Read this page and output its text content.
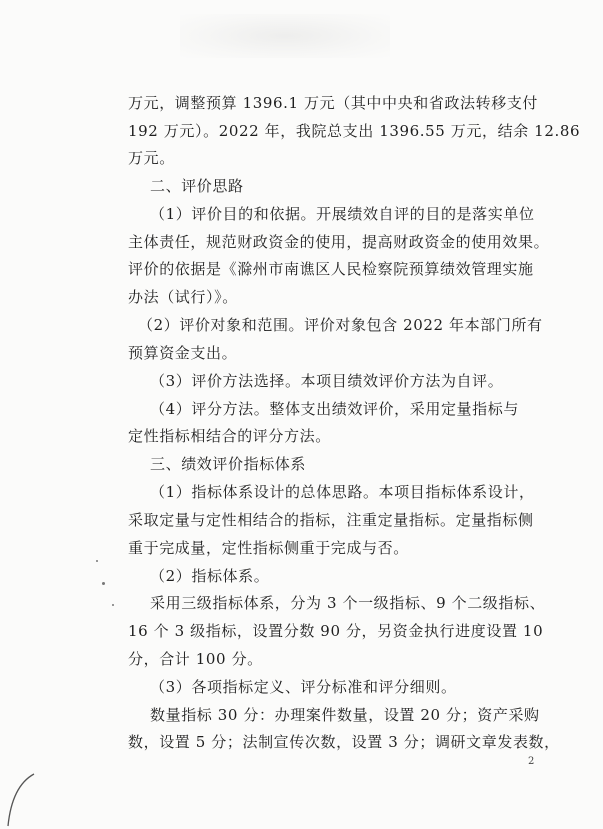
万元，调整预算 1396.1 万元（其中中央和省政法转移支付
192 万元）。2022 年，我院总支出 1396.55 万元，结余 12.86
万元。
二、评价思路
（1）评价目的和依据。开展绩效自评的目的是落实单位
主体责任，规范财政资金的使用，提高财政资金的使用效果。
评价的依据是《滁州市南谯区人民检察院预算绩效管理实施
办法（试行）》。
（2）评价对象和范围。评价对象包含 2022 年本部门所有
预算资金支出。
（3）评价方法选择。本项目绩效评价方法为自评。
（4）评分方法。整体支出绩效评价，采用定量指标与
定性指标相结合的评分方法。
三、绩效评价指标体系
（1）指标体系设计的总体思路。本项目指标体系设计，
采取定量与定性相结合的指标，注重定量指标。定量指标侧
重于完成量，定性指标侧重于完成与否。
（2）指标体系。
采用三级指标体系，分为 3 个一级指标、9 个二级指标、
16 个 3 级指标，设置分数 90 分，另资金执行进度设置 10
分，合计 100 分。
（3）各项指标定义、评分标准和评分细则。
数量指标 30 分：办理案件数量，设置 20 分；资产采购
数，设置 5 分；法制宣传次数，设置 3 分；调研文章发表数，
2
